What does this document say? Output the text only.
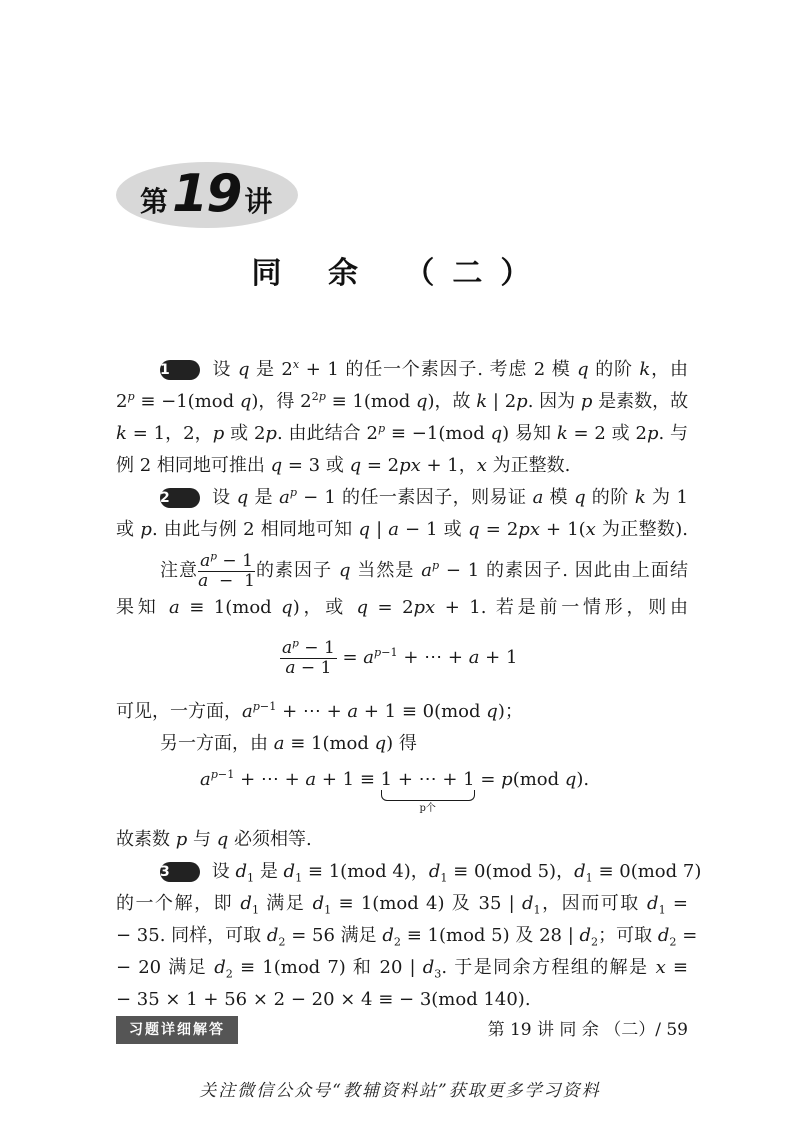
第 19 讲
同 余 （二）
1 设 q 是 $2^x + 1$ 的任一个素因子. 考虑 2 模 q 的阶 k，由
$2^p \equiv -1(mod$ q)，得 $2^{2p} \equiv 1(mod$ q)，故 k | 2p. 因为 p 是素数，故
k = 1，2，p 或 2p. 由此结合 $2^p \equiv -1(mod$ q) 易知 k = 2 或 2p. 与
例 2 相同地可推出 q = 3 或 q = 2px + 1，x 为正整数.
2 设 q 是 $a^p - 1$ 的任一素因子，则易证 a 模 q 的阶 k 为 1
或 p. 由此与例 2 相同地可知 q | a − 1 或 q = 2px + 1(x 为正整数).
注意 $\frac{a^p - 1}{a - 1}$ 的素因子 q 当然是 $a^p - 1$ 的素因子. 因此由上面结
果知 a ≡ 1(mod q)，或 q = 2px + 1. 若是前一情形，则由
$\frac{a^p - 1}{a - 1} = a^{p-1}$ + ⋯ + a + 1
可见，一方面，$a^{p-1}$ + ⋯ + a + 1 ≡ 0(mod q)；
另一方面，由 a ≡ 1(mod q) 得
$a^{p-1}$ + ⋯ + a + 1 ≡ 1 + ⋯ + 1
p个
= p(mod q).
故素数 p 与 q 必须相等.
3 设 $d_1$ 是 $d_1 \equiv 1(mod$ 4)，$d_1 \equiv 0(mod$ 5)，$d_1 \equiv 0(mod$ 7)
的一个解，即 $d_1$ 满足 $d_1 \equiv 1(mod$ 4) 及 35 | $d_1$，因而可取 $d_1$ =
− 35. 同样，可取 $d_2 = 56$ 满足 $d_2 \equiv 1(mod$ 5) 及 28 | $d_2$；可取 $d_2$ =
− 20 满足 $d_2 \equiv 1(mod$ 7) 和 20 | $d_3$. 于是同余方程组的解是 x ≡
− 35 × 1 + 56 × 2 − 20 × 4 ≡ − 3(mod 140).
习题详细解答	第 19 讲 同 余 （二）/ 59
关注微信公众号“教辅资料站”获取更多学习资料
